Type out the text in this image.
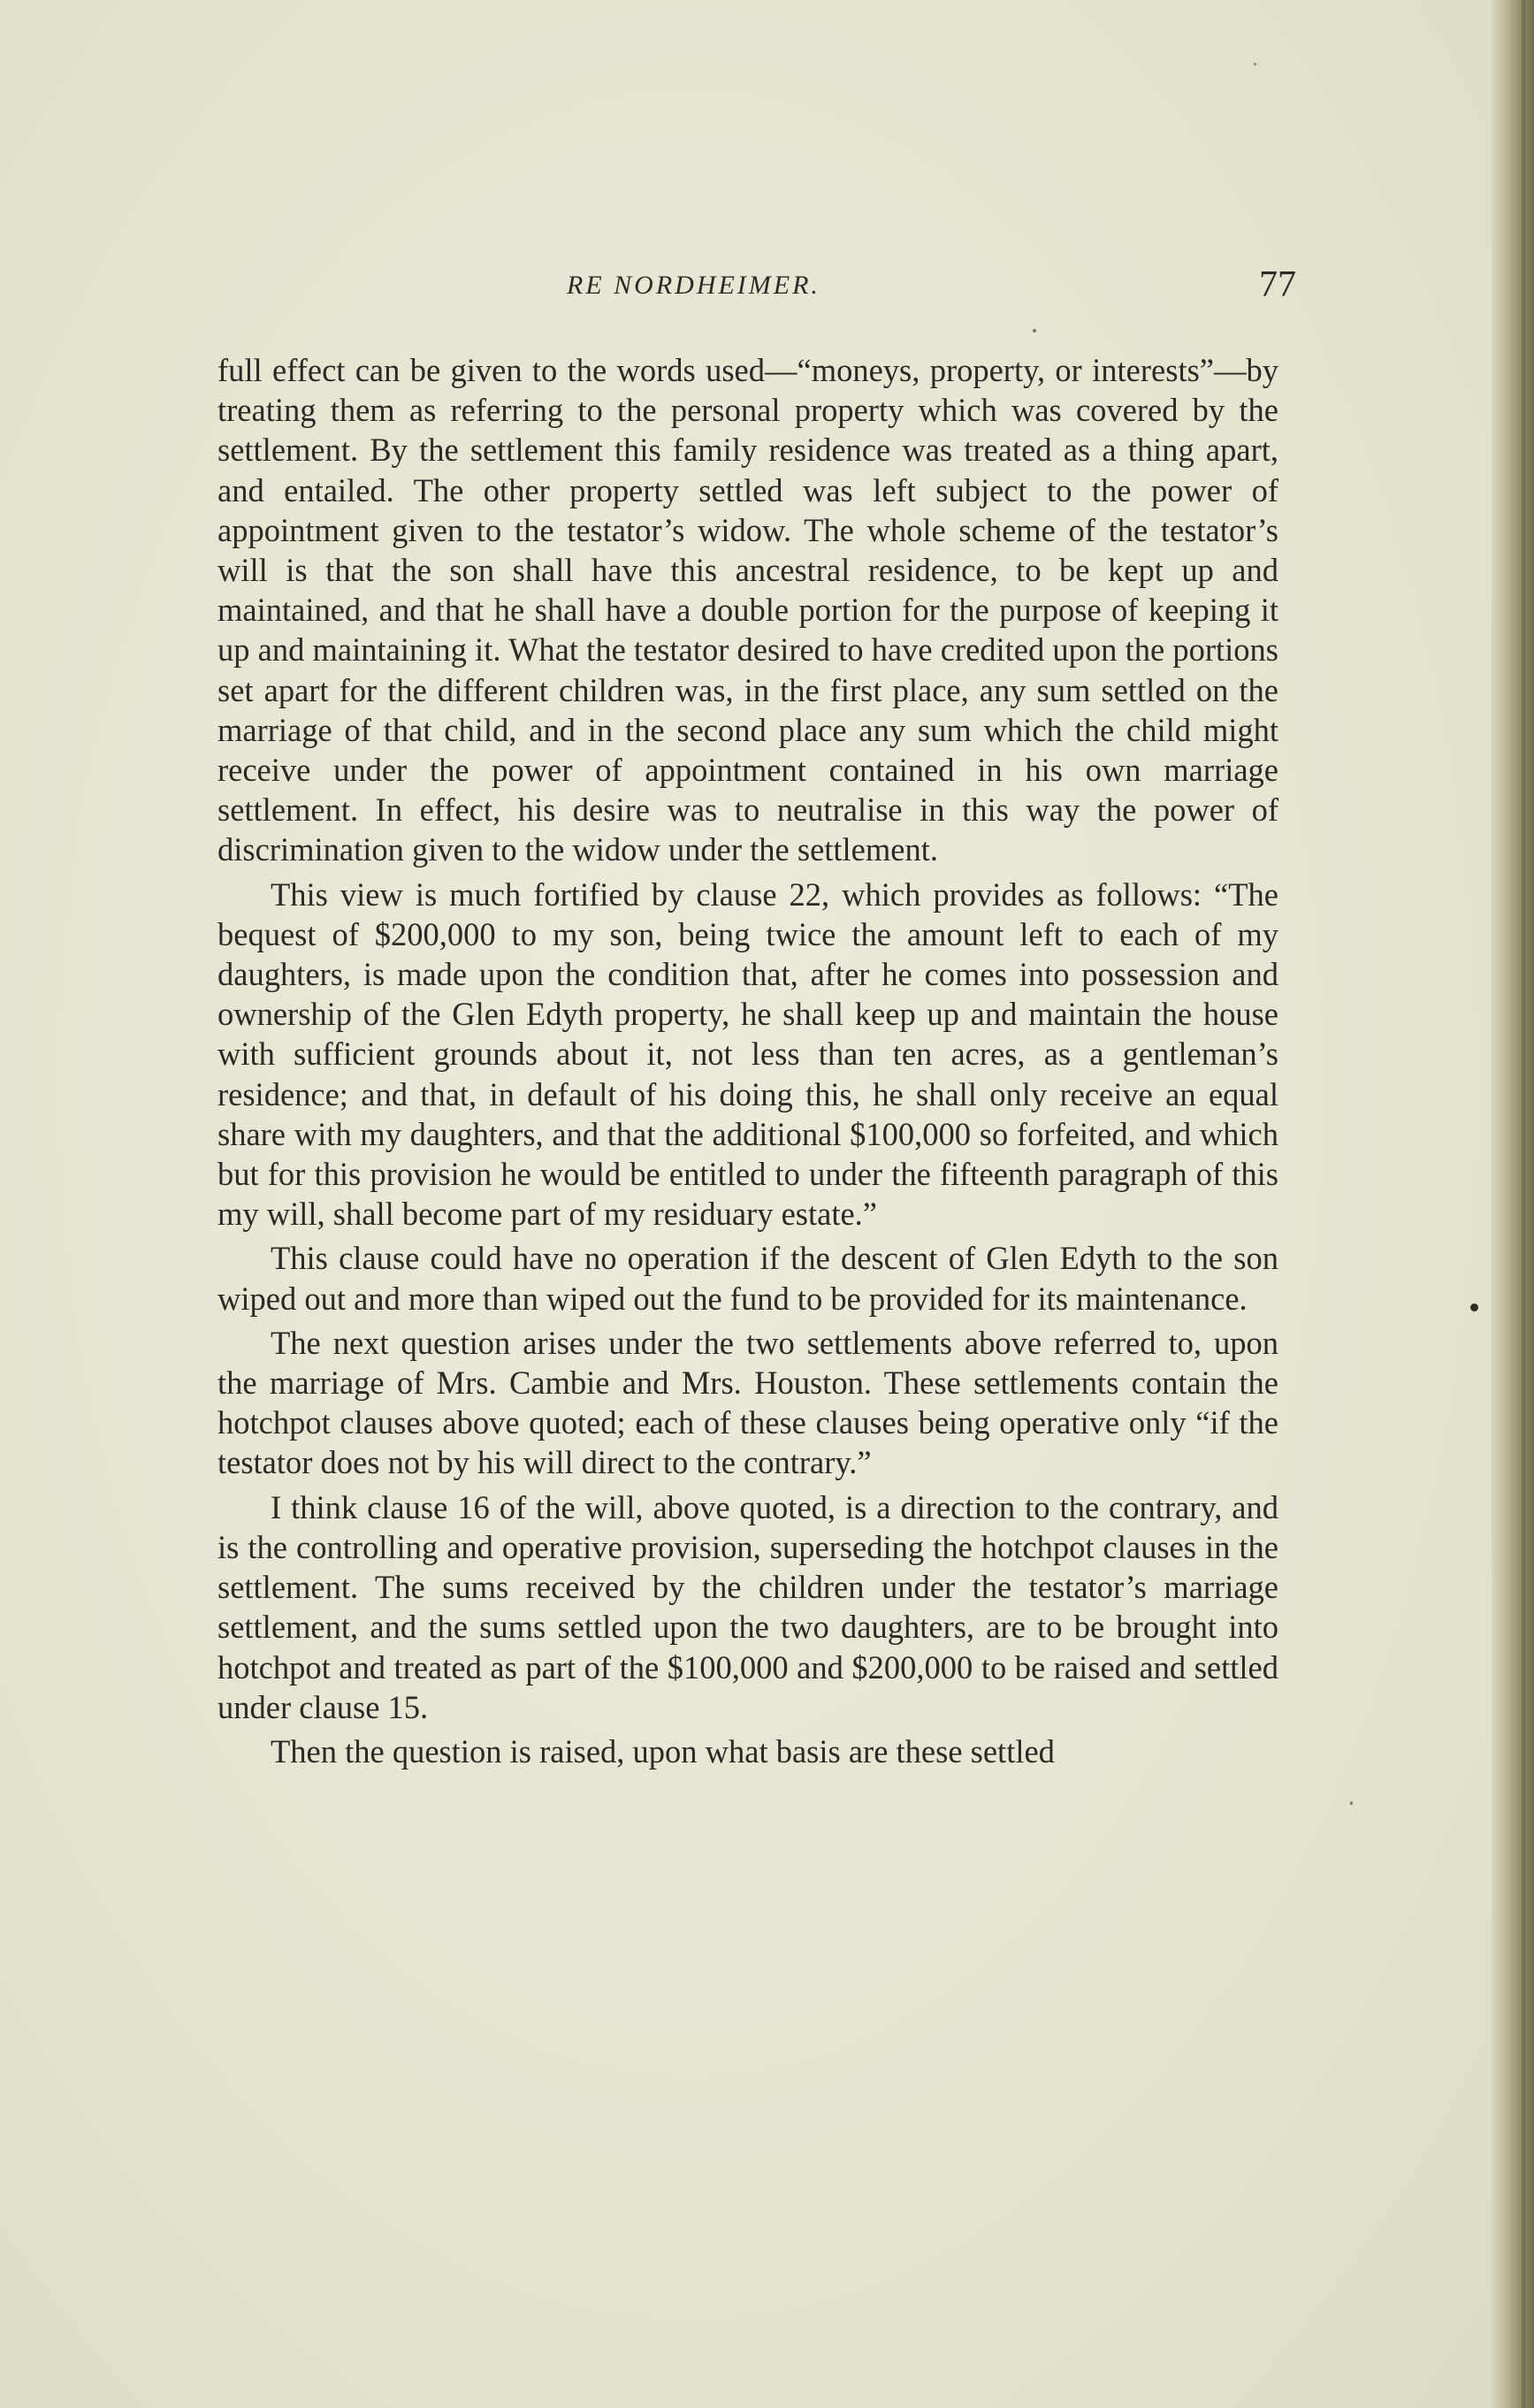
RE NORDHEIMER.	77

full effect can be given to the words used—“moneys, property, or interests”—by treating them as referring to the personal property which was covered by the settlement. By the settlement this family residence was treated as a thing apart, and entailed. The other property settled was left subject to the power of appointment given to the testator’s widow. The whole scheme of the testator’s will is that the son shall have this ancestral residence, to be kept up and maintained, and that he shall have a double portion for the purpose of keeping it up and maintaining it. What the testator desired to have credited upon the portions set apart for the different children was, in the first place, any sum settled on the marriage of that child, and in the second place any sum which the child might receive under the power of appointment contained in his own marriage settlement. In effect, his desire was to neutralise in this way the power of discrimination given to the widow under the settlement.

This view is much fortified by clause 22, which provides as follows: “The bequest of $200,000 to my son, being twice the amount left to each of my daughters, is made upon the condition that, after he comes into possession and ownership of the Glen Edyth property, he shall keep up and maintain the house with sufficient grounds about it, not less than ten acres, as a gentleman’s residence; and that, in default of his doing this, he shall only receive an equal share with my daughters, and that the additional $100,000 so forfeited, and which but for this provision he would be entitled to under the fifteenth paragraph of this my will, shall become part of my residuary estate.”

This clause could have no operation if the descent of Glen Edyth to the son wiped out and more than wiped out the fund to be provided for its maintenance.

The next question arises under the two settlements above referred to, upon the marriage of Mrs. Cambie and Mrs. Houston. These settlements contain the hotchpot clauses above quoted; each of these clauses being operative only “if the testator does not by his will direct to the contrary.”

I think clause 16 of the will, above quoted, is a direction to the contrary, and is the controlling and operative provision, superseding the hotchpot clauses in the settlement. The sums received by the children under the testator’s marriage settlement, and the sums settled upon the two daughters, are to be brought into hotchpot and treated as part of the $100,000 and $200,000 to be raised and settled under clause 15.

Then the question is raised, upon what basis are these settled
